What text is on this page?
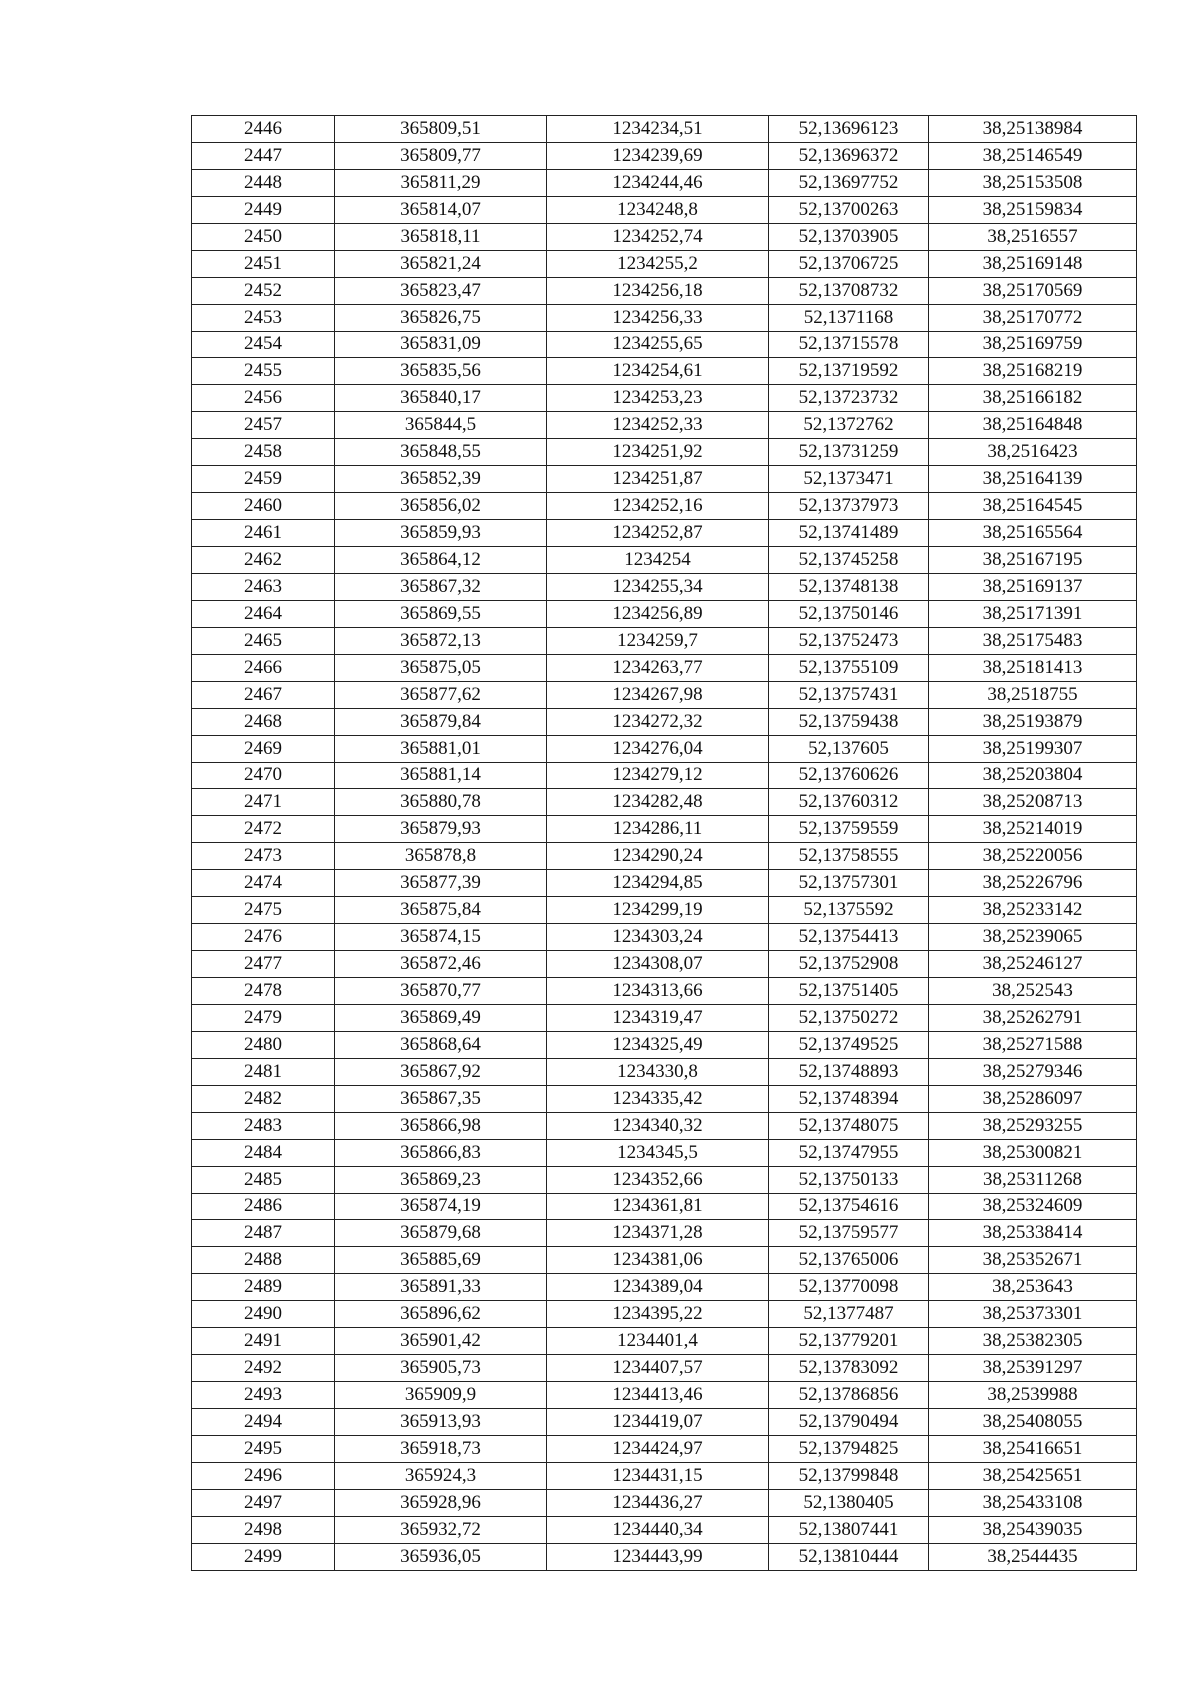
2446	365809,51	1234234,51	52,13696123	38,25138984
2447	365809,77	1234239,69	52,13696372	38,25146549
2448	365811,29	1234244,46	52,13697752	38,25153508
2449	365814,07	1234248,8	52,13700263	38,25159834
2450	365818,11	1234252,74	52,13703905	38,2516557
2451	365821,24	1234255,2	52,13706725	38,25169148
2452	365823,47	1234256,18	52,13708732	38,25170569
2453	365826,75	1234256,33	52,1371168	38,25170772
2454	365831,09	1234255,65	52,13715578	38,25169759
2455	365835,56	1234254,61	52,13719592	38,25168219
2456	365840,17	1234253,23	52,13723732	38,25166182
2457	365844,5	1234252,33	52,1372762	38,25164848
2458	365848,55	1234251,92	52,13731259	38,2516423
2459	365852,39	1234251,87	52,1373471	38,25164139
2460	365856,02	1234252,16	52,13737973	38,25164545
2461	365859,93	1234252,87	52,13741489	38,25165564
2462	365864,12	1234254	52,13745258	38,25167195
2463	365867,32	1234255,34	52,13748138	38,25169137
2464	365869,55	1234256,89	52,13750146	38,25171391
2465	365872,13	1234259,7	52,13752473	38,25175483
2466	365875,05	1234263,77	52,13755109	38,25181413
2467	365877,62	1234267,98	52,13757431	38,2518755
2468	365879,84	1234272,32	52,13759438	38,25193879
2469	365881,01	1234276,04	52,137605	38,25199307
2470	365881,14	1234279,12	52,13760626	38,25203804
2471	365880,78	1234282,48	52,13760312	38,25208713
2472	365879,93	1234286,11	52,13759559	38,25214019
2473	365878,8	1234290,24	52,13758555	38,25220056
2474	365877,39	1234294,85	52,13757301	38,25226796
2475	365875,84	1234299,19	52,1375592	38,25233142
2476	365874,15	1234303,24	52,13754413	38,25239065
2477	365872,46	1234308,07	52,13752908	38,25246127
2478	365870,77	1234313,66	52,13751405	38,252543
2479	365869,49	1234319,47	52,13750272	38,25262791
2480	365868,64	1234325,49	52,13749525	38,25271588
2481	365867,92	1234330,8	52,13748893	38,25279346
2482	365867,35	1234335,42	52,13748394	38,25286097
2483	365866,98	1234340,32	52,13748075	38,25293255
2484	365866,83	1234345,5	52,13747955	38,25300821
2485	365869,23	1234352,66	52,13750133	38,25311268
2486	365874,19	1234361,81	52,13754616	38,25324609
2487	365879,68	1234371,28	52,13759577	38,25338414
2488	365885,69	1234381,06	52,13765006	38,25352671
2489	365891,33	1234389,04	52,13770098	38,253643
2490	365896,62	1234395,22	52,1377487	38,25373301
2491	365901,42	1234401,4	52,13779201	38,25382305
2492	365905,73	1234407,57	52,13783092	38,25391297
2493	365909,9	1234413,46	52,13786856	38,2539988
2494	365913,93	1234419,07	52,13790494	38,25408055
2495	365918,73	1234424,97	52,13794825	38,25416651
2496	365924,3	1234431,15	52,13799848	38,25425651
2497	365928,96	1234436,27	52,1380405	38,25433108
2498	365932,72	1234440,34	52,13807441	38,25439035
2499	365936,05	1234443,99	52,13810444	38,2544435
